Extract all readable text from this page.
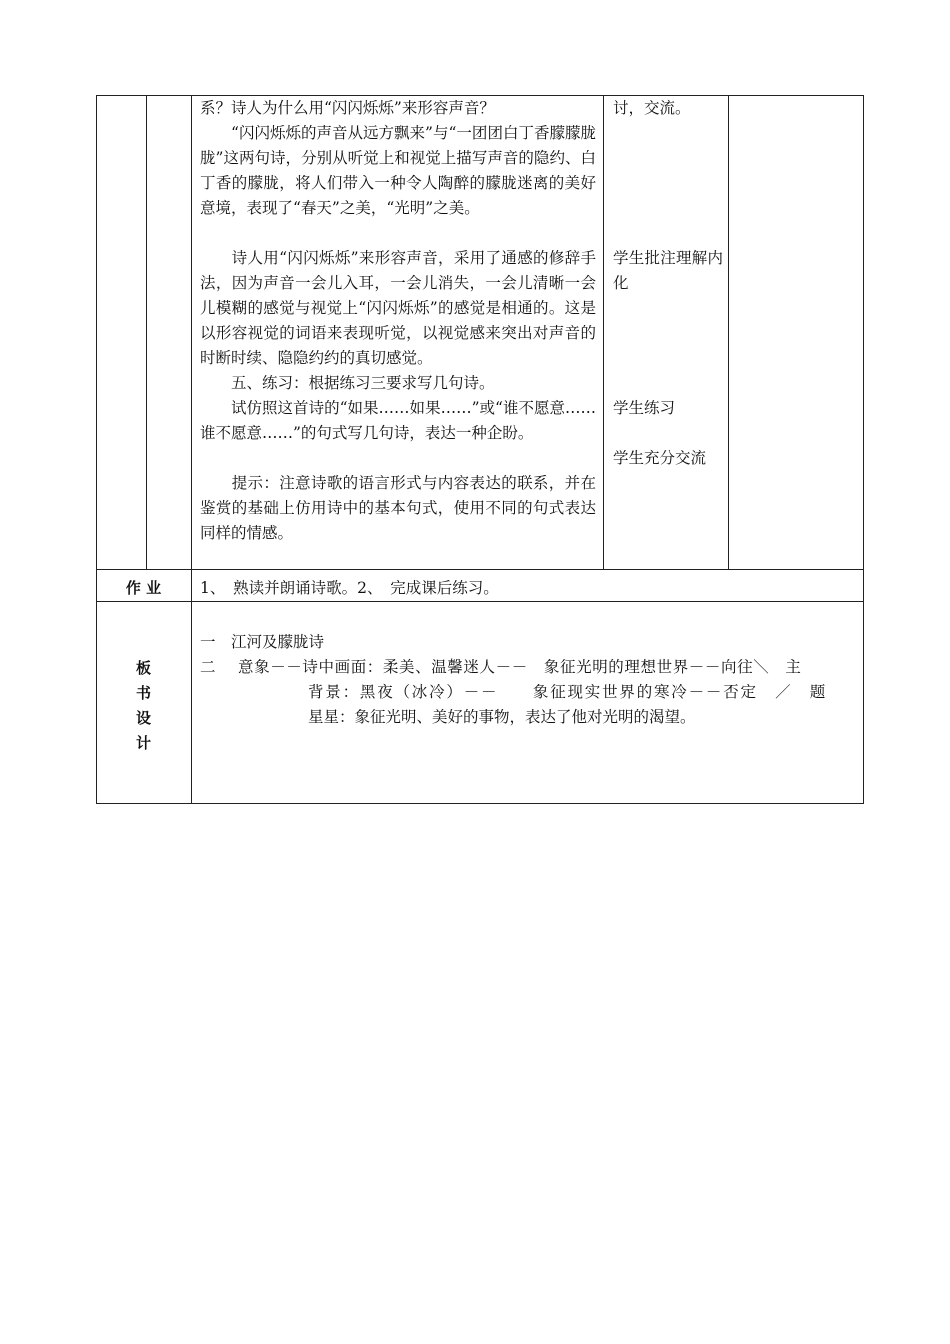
系？诗人为什么用“闪闪烁烁”来形容声音？

　　“闪闪烁烁的声音从远方飘来”与“一团团白丁香朦朦胧胧”这两句诗，分别从听觉上和视觉上描写声音的隐约、白丁香的朦胧，将人们带入一种令人陶醉的朦胧迷离的美好意境，表现了“春天”之美，“光明”之美。

　　诗人用“闪闪烁烁”来形容声音，采用了通感的修辞手法，因为声音一会儿入耳，一会儿消失，一会儿清晰一会儿模糊的感觉与视觉上“闪闪烁烁”的感觉是相通的。这是以形容视觉的词语来表现听觉，以视觉感来突出对声音的时断时续、隐隐约约的真切感觉。

　　五、练习：根据练习三要求写几句诗。

　　试仿照这首诗的“如果……如果……”或“谁不愿意……谁不愿意……”的句式写几句诗，表达一种企盼。

　　提示：注意诗歌的语言形式与内容表达的联系，并在鉴赏的基础上仿用诗中的基本句式，使用不同的句式表达同样的情感。

讨，交流。

学生批注理解内化

学生练习

学生充分交流

作 业	1、　熟读并朗诵诗歌。2、　完成课后练习。

板
书
设
计

一　江河及朦胧诗

二 意象－－诗中画面：柔美、温馨迷人－－　象征光明的理想世界－－向往＼　主

背景：黑夜（冰冷）－－　　象征现实世界的寒冷－－否定　／　题

星星：象征光明、美好的事物，表达了他对光明的渴望。
